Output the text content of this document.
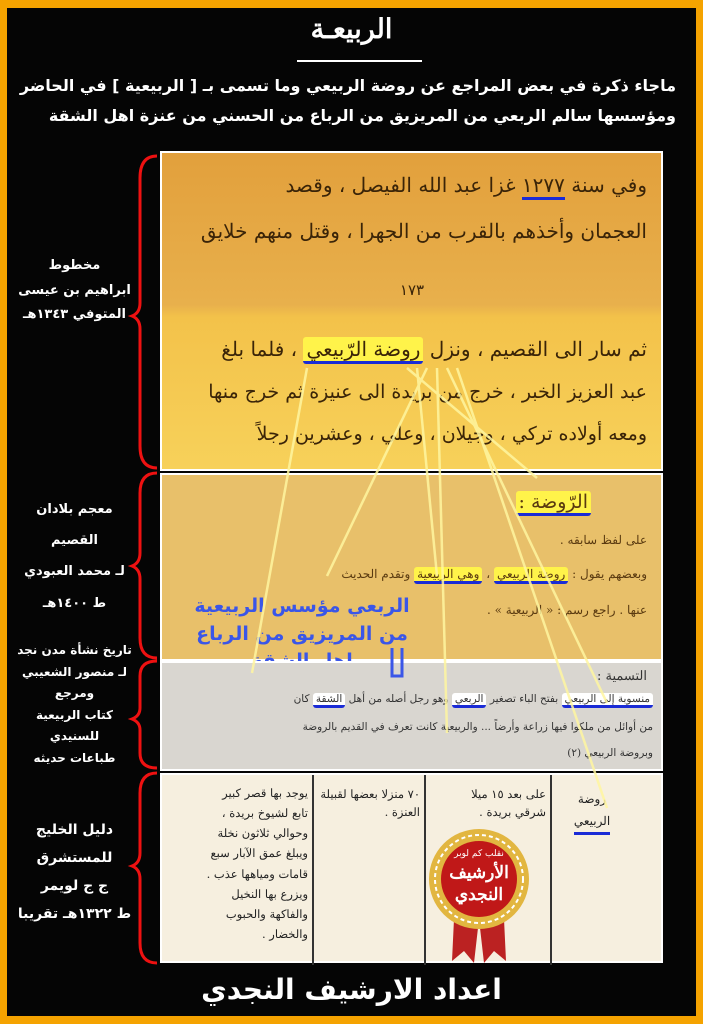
الربيعـة
ماجاء ذكرة في بعض المراجع عن روضة الربيعي وما تسمى بـ [ الربيعية ] في الحاضر
ومؤسسها سالم الربعي من المريزيق من الرباع من الحسني من عنزة اهل الشقة
مخطوط
ابراهيم بن عيسى
المتوفي ١٣٤٣هـ
معجم بلادان
القصيم
لـ محمد العبودي
ط ١٤٠٠هـ
تاريخ نشأة مدن نجد
لـ منصور الشعيبي
ومرجع
كتاب الربيعية
للسنيدي
طباعات حديثه
دليل الخليج
للمستشرق
ج ج لويمر
ط ١٣٢٢هـ تقريبا
وفي سنة ١٢٧٧ غزا عبد الله الفيصل ، وقصد
العجمان وأخذهم بالقرب من الجهرا ، وقتل منهم خلايق
١٧٣
ثم سار الى القصيم ، ونزل روضة الرّبيعي ، فلما بلغ
عبد العزيز الخبر ، خرج من بريدة الى عنيزة ثم خرج منها
ومعه أولاده تركي ، وجيلان ، وعلي ، وعشرين رجلاً
الرّوضة :
على لفظ سابقه .
وبعضهم يقول : روضة الربيعي ، وهي الربيعية وتقدم الحديث
عنها . راجع رسم : « الربيعية » .
الربعي مؤسس الربيعية
من المريزيق من الرباع
التسمية :
منسوبة إلى الربيعي بفتح الباء تصغير الربعي وهو رجل أصله من أهل الشقة كان
من أوائل من ملكوا فيها زراعة وأرضاً ... والربيعية كانت تعرف في القديم بالروضة
وبروضة الربيعي (٢)
روضة
الربيعي
على بعد ١٥ ميلا
شرقي بريدة .
٧٠ منزلا بعضها لقبيلة
العنزة .
يوجد بها قصر كبير
تابع لشيوخ بريدة ،
وحوالي ثلاثون نخلة
ويبلغ عمق الآبار سبع
قامات ومياهها عذب .
ويزرع بها النخيل
والفاكهة والحبوب
والخضار .
نقلب كم لوبر
الأرشيف
النجدي
اعداد الارشيف النجدي
